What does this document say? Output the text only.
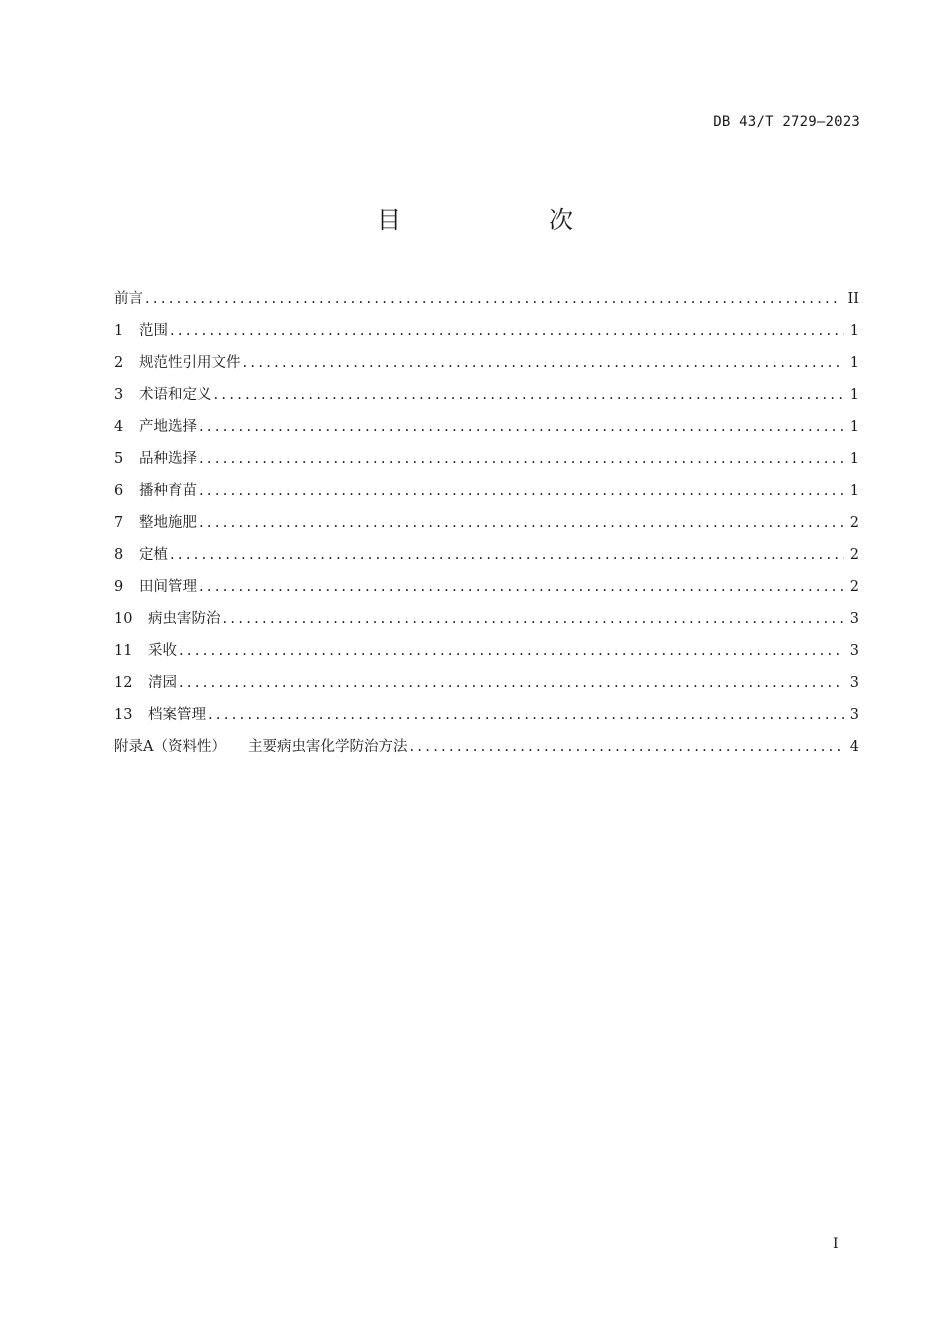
DB 43/T 2729—2023
目　次
前言 .....	II
1	范围 .....	1
2	规范性引用文件 .....	1
3	术语和定义 .....	1
4	产地选择 .....	1
5	品种选择 .....	1
6	播种育苗 .....	1
7	整地施肥 .....	2
8	定植 .....	2
9	田间管理 .....	2
10	病虫害防治 .....	3
11	采收 .....	3
12	清园 .....	3
13	档案管理 .....	3
附录A（资料性） 主要病虫害化学防治方法 .....	4
I
